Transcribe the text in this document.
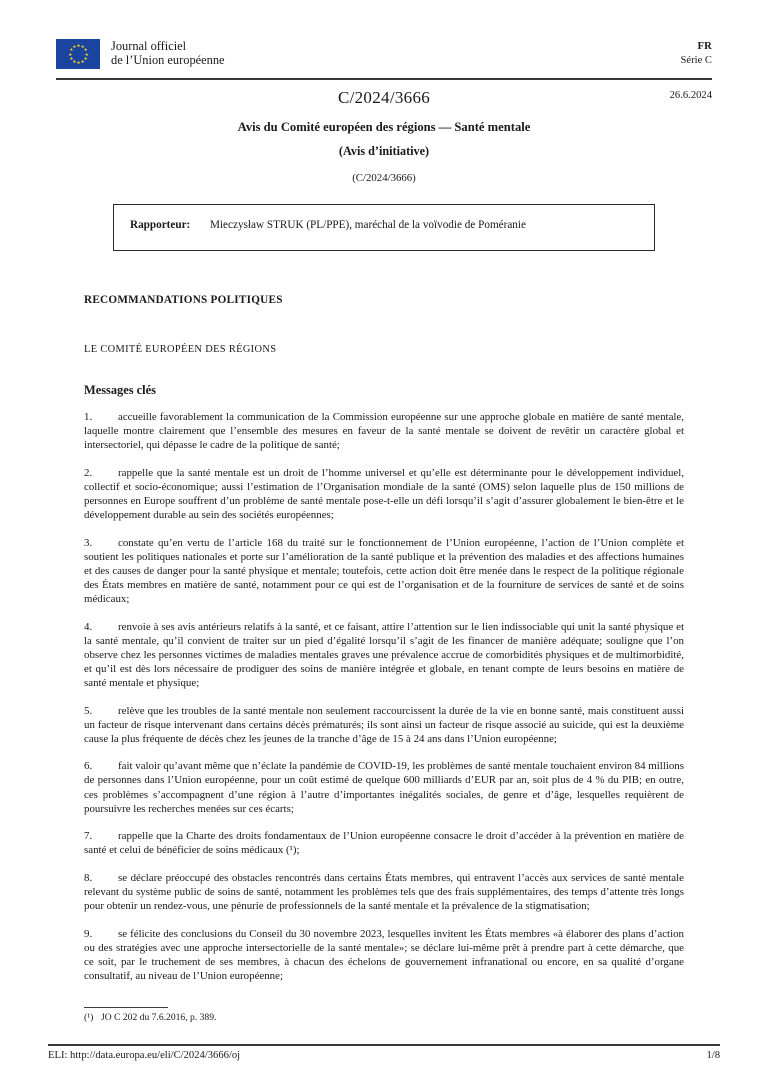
★ ★
★
★
★
★
★
★
★
★
★
★	Journal officiel
de l’Union européenne
FR
Série C
C/2024/3666	26.6.2024
Avis du Comité européen des régions — Santé mentale
(Avis d’initiative)
(C/2024/3666)
Rapporteur:	Mieczysław STRUK (PL/PPE), maréchal de la voïvodie de Poméranie
RECOMMANDATIONS POLITIQUES
LE COMITÉ EUROPÉEN DES RÉGIONS
Messages clés
1. accueille favorablement la communication de la Commission européenne sur une approche globale en matière de santé mentale, laquelle montre clairement que l’ensemble des mesures en faveur de la santé mentale se doivent de revêtir un caractère global et intersectoriel, qui dépasse le cadre de la politique de santé;
2. rappelle que la santé mentale est un droit de l’homme universel et qu’elle est déterminante pour le développement individuel, collectif et socio-économique; aussi l’estimation de l’Organisation mondiale de la santé (OMS) selon laquelle plus de 150 millions de personnes en Europe souffrent d’un problème de santé mentale pose-t-elle un défi lorsqu’il s’agit d’assurer globalement le bien-être et le développement durable au sein des sociétés européennes;
3. constate qu’en vertu de l’article 168 du traité sur le fonctionnement de l’Union européenne, l’action de l’Union complète et soutient les politiques nationales et porte sur l’amélioration de la santé publique et la prévention des maladies et des affections humaines et des causes de danger pour la santé physique et mentale; toutefois, cette action doit être menée dans le respect de la politique régionale des États membres en matière de santé, notamment pour ce qui est de l’organisation et de la fourniture de services de santé et de soins médicaux;
4. renvoie à ses avis antérieurs relatifs à la santé, et ce faisant, attire l’attention sur le lien indissociable qui unit la santé physique et la santé mentale, qu’il convient de traiter sur un pied d’égalité lorsqu’il s’agit de les financer de manière adéquate; souligne que l’on observe chez les personnes victimes de maladies mentales graves une prévalence accrue de comorbidités physiques et de multimorbidité, et qu’il est dès lors nécessaire de prodiguer des soins de manière intégrée et globale, en tenant compte de leurs besoins en matière de santé mentale et physique;
5. relève que les troubles de la santé mentale non seulement raccourcissent la durée de la vie en bonne santé, mais constituent aussi un facteur de risque intervenant dans certains décès prématurés; ils sont ainsi un facteur de risque associé au suicide, qui est la deuxième cause la plus fréquente de décès chez les jeunes de la tranche d’âge de 15 à 24 ans dans l’Union européenne;
6. fait valoir qu’avant même que n’éclate la pandémie de COVID-19, les problèmes de santé mentale touchaient environ 84 millions de personnes dans l’Union européenne, pour un coût estimé de quelque 600 milliards d’EUR par an, soit plus de 4 % du PIB; en outre, ces problèmes s’accompagnent d’une région à l’autre d’importantes inégalités sociales, de genre et d’âge, lesquelles requièrent de poursuivre les recherches menées sur ces écarts;
7. rappelle que la Charte des droits fondamentaux de l’Union européenne consacre le droit d’accéder à la prévention en matière de santé et celui de bénéficier de soins médicaux (¹);
8. se déclare préoccupé des obstacles rencontrés dans certains États membres, qui entravent l’accès aux services de santé mentale relevant du système public de soins de santé, notamment les problèmes tels que des frais supplémentaires, des temps d’attente très longs pour obtenir un rendez-vous, une pénurie de professionnels de la santé mentale et la prévalence de la stigmatisation;
9. se félicite des conclusions du Conseil du 30 novembre 2023, lesquelles invitent les États membres «à élaborer des plans d’action ou des stratégies avec une approche intersectorielle de la santé mentale»; se déclare lui-même prêt à prendre part à cette démarche, que ce soit, par le truchement de ses membres, à chacun des échelons de gouvernement infranational ou encore, en sa qualité d’organe consultatif, au niveau de l’Union européenne;
(¹) JO C 202 du 7.6.2016, p. 389.
ELI: http://data.europa.eu/eli/C/2024/3666/oj	1/8
